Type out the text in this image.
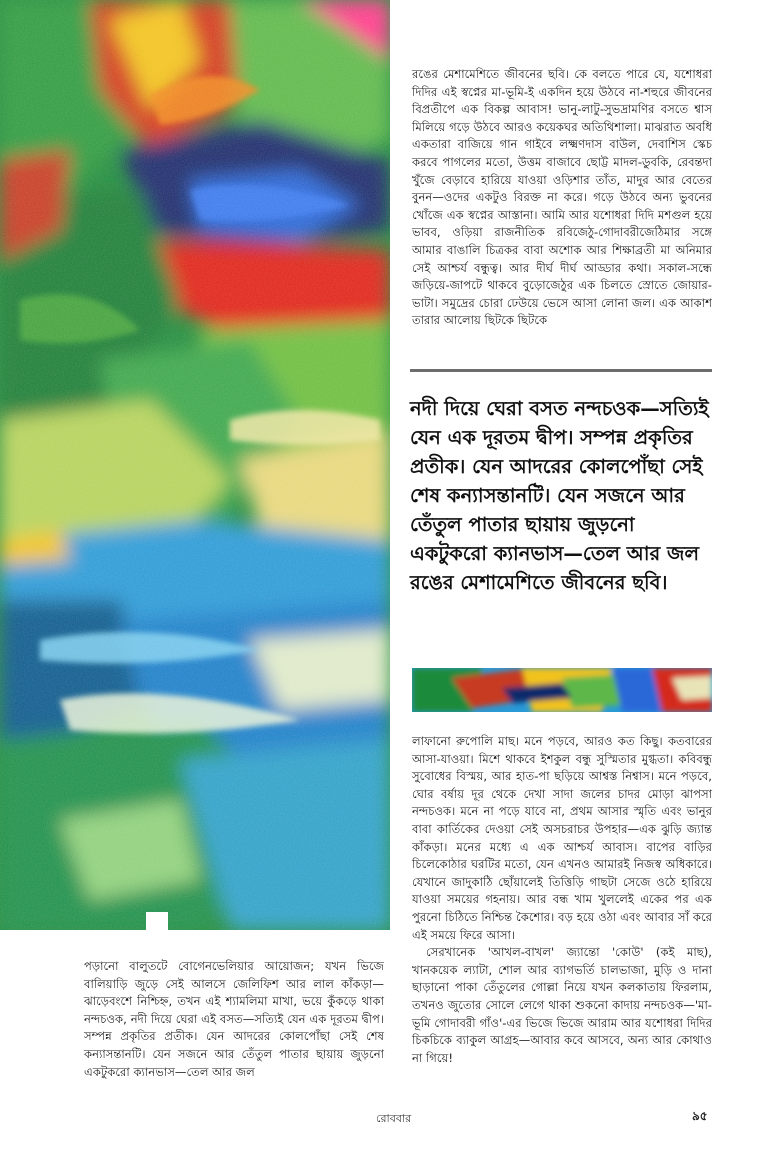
রঙের মেশামেশিতে জীবনের ছবি। কে বলতে পারে যে, যশোধরা দিদির এই স্বপ্নের মা-ভূমি-ই একদিন হয়ে উঠবে না-শহুরে জীবনের বিপ্রতীপে এক বিকল্প আবাস! ভানু-লাটু-সুভদ্রামণির বসতে শ্বাস মিলিয়ে গড়ে উঠবে আরও কয়েকঘর অতিথিশালা। মাঝরাত অবধি একতারা বাজিয়ে গান গাইবে লক্ষ্মণদাস বাউল, দেবাশিস স্কেচ করবে পাগলের মতো, উত্তম বাজাবে ছোট্ট মাদল-ডুবকি, রেবন্তদা খুঁজে বেড়াবে হারিয়ে যাওয়া ওড়িশার তাঁত, মাদুর আর বেতের বুনন—ওদের একটুও বিরক্ত না করে। গড়ে উঠবে অন্য ভুবনের খোঁজে এক স্বপ্নের আস্তানা। আমি আর যশোধরা দিদি মশগুল হয়ে ভাবব, ওড়িয়া রাজনীতিক রবিজেঠু-গোদাবরীজেঠিমার সঙ্গে আমার বাঙালি চিত্রকর বাবা অশোক আর শিক্ষাব্রতী মা অনিমার সেই আশ্চর্য বন্ধুত্ব। আর দীর্ঘ দীর্ঘ আড্ডার কথা। সকাল-সন্ধে জড়িয়ে-জাপটে থাকবে বুড়োজেঠুর এক চিলতে স্রোতে জোয়ার-ভাটা। সমুদ্রের চোরা ঢেউয়ে ভেসে আসা লোনা জল। এক আকাশ তারার আলোয় ছিটকে ছিটকে

নদী দিয়ে ঘেরা বসত নন্দচওক—সত্যিই যেন এক দূরতম দ্বীপ। সম্পন্ন প্রকৃতির প্রতীক। যেন আদরের কোলপোঁছা সেই শেষ কন্যাসন্তানটি। যেন সজনে আর তেঁতুল পাতার ছায়ায় জুড়নো একটুকরো ক্যানভাস—তেল আর জল রঙের মেশামেশিতে জীবনের ছবি।

লাফানো রুপোলি মাছ। মনে পড়বে, আরও কত কিছু। কতবারের আসা-যাওয়া। মিশে থাকবে ইশকুল বন্ধু সুস্মিতার মুগ্ধতা। কবিবন্ধু সুবোধের বিস্ময়, আর হাত-পা ছড়িয়ে আশ্বস্ত নিশ্বাস। মনে পড়বে, ঘোর বর্ষায় দূর থেকে দেখা সাদা জলের চাদর মোড়া ঝাপসা নন্দচওক। মনে না পড়ে যাবে না, প্রথম আসার স্মৃতি এবং ভানুর বাবা কার্তিকের দেওয়া সেই অসচরাচর উপহার—এক ঝুড়ি জ্যান্ত কাঁকড়া। মনের মধ্যে এ এক আশ্চর্য আবাস। বাপের বাড়ির চিলেকোঠার ঘরটির মতো, যেন এখনও আমারই নিজস্ব অধিকারে। যেখানে জাদুকাঠি ছোঁয়ালেই তিত্তিড়ি গাছটা সেজে ওঠে হারিয়ে যাওয়া সময়ের গহনায়। আর বন্ধ খাম খুললেই একের পর এক পুরনো চিঠিতে নিশ্চিন্ত কৈশোর। বড় হয়ে ওঠা এবং আবার সাঁ করে এই সময়ে ফিরে আসা।

সেরখানেক 'আখল-বাখল' জ্যান্তো 'কোউ' (কই মাছ), খানকয়েক ল্যাটা, শোল আর ব্যাগভর্তি চালভাজা, মুড়ি ও দানা ছাড়ানো পাকা তেঁতুলের গোল্লা নিয়ে যখন কলকাতায় ফিরলাম, তখনও জুতোর সোলে লেগে থাকা শুকনো কাদায় নন্দচওক—'মা-ভূমি গোদাবরী গাঁও'-এর ভিজে ভিজে আরাম আর যশোধরা দিদির চিকচিকে ব্যাকুল আগ্রহ—আবার কবে আসবে, অন্য আর কোথাও না গিয়ে!

পড়ানো বালুতটে বোগেনভেলিয়ার আয়োজন; যখন ভিজে বালিয়াড়ি জুড়ে সেই আলসে জেলিফিশ আর লাল কাঁকড়া—ঝাড়েবংশে নিশ্চিহ্ন, তখন এই শ্যামলিমা মাখা, ভয়ে কুঁকড়ে থাকা নন্দচওক, নদী দিয়ে ঘেরা এই বসত—সত্যিই যেন এক দূরতম দ্বীপ। সম্পন্ন প্রকৃতির প্রতীক। যেন আদরের কোলপোঁছা সেই শেষ কন্যাসন্তানটি। যেন সজনে আর তেঁতুল পাতার ছায়ায় জুড়নো একটুকরো ক্যানভাস—তেল আর জল

রোববার	৯৫
